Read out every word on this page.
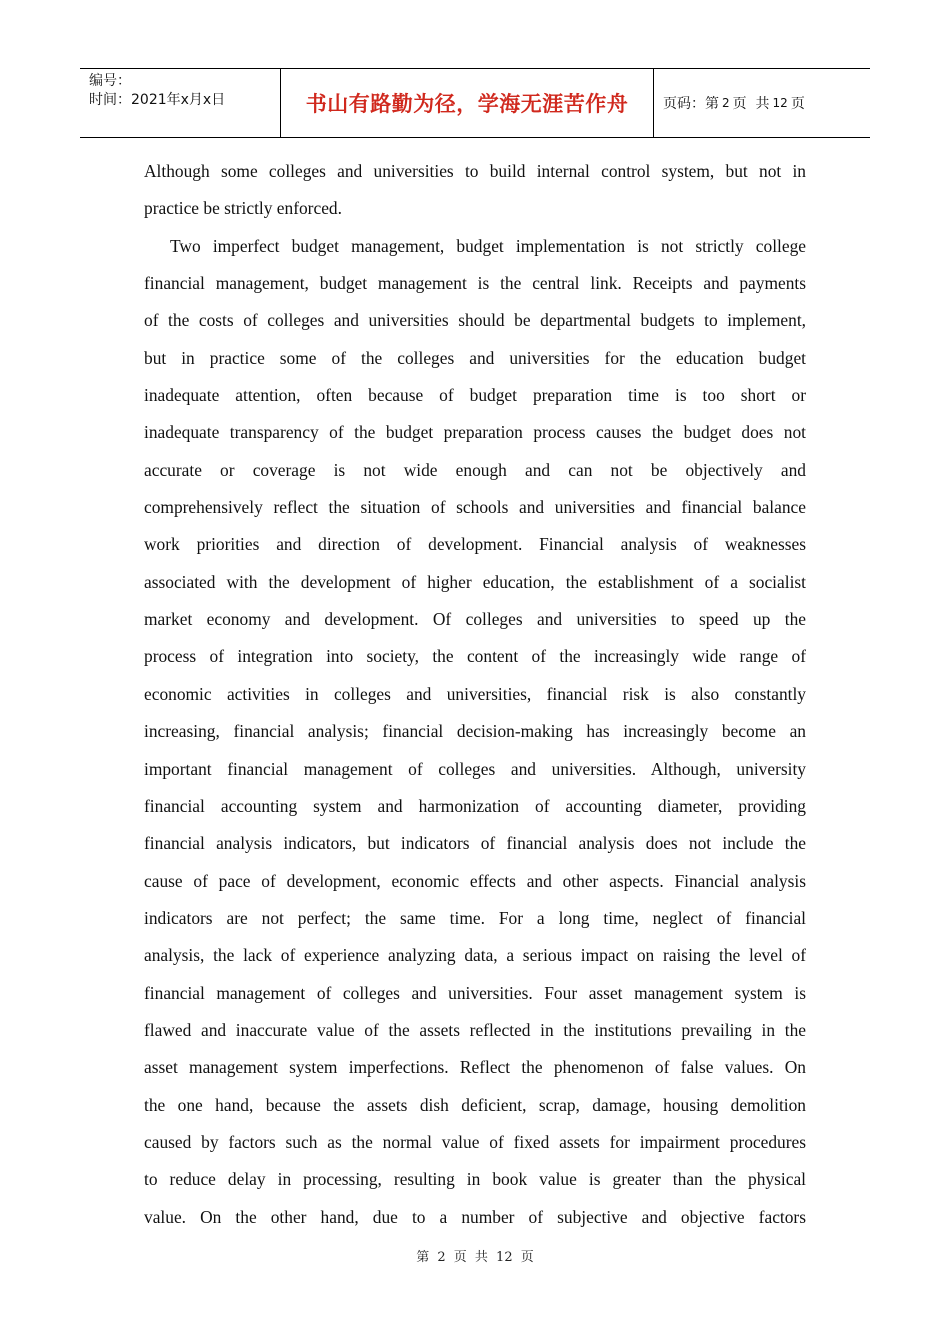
编号：
时间：2021年x月x日	书山有路勤为径，学海无涯苦作舟	页码：第 2 页  共 12 页
Although some colleges and universities to build internal control system, but not in
practice be strictly enforced.
Two imperfect budget management, budget implementation is not strictly college
financial management, budget management is the central link. Receipts and payments
of the costs of colleges and universities should be departmental budgets to implement,
but in practice some of the colleges and universities for the education budget
inadequate attention, often because of budget preparation time is too short or
inadequate transparency of the budget preparation process causes the budget does not
accurate or coverage is not wide enough and can not be objectively and
comprehensively reflect the situation of schools and universities and financial balance
work priorities and direction of development. Financial analysis of weaknesses
associated with the development of higher education, the establishment of a socialist
market economy and development. Of colleges and universities to speed up the
process of integration into society, the content of the increasingly wide range of
economic activities in colleges and universities, financial risk is also constantly
increasing, financial analysis; financial decision-making has increasingly become an
important financial management of colleges and universities. Although, university
financial accounting system and harmonization of accounting diameter, providing
financial analysis indicators, but indicators of financial analysis does not include the
cause of pace of development, economic effects and other aspects. Financial analysis
indicators are not perfect; the same time. For a long time, neglect of financial
analysis, the lack of experience analyzing data, a serious impact on raising the level of
financial management of colleges and universities. Four asset management system is
flawed and inaccurate value of the assets reflected in the institutions prevailing in the
asset management system imperfections. Reflect the phenomenon of false values. On
the one hand, because the assets dish deficient, scrap, damage, housing demolition
caused by factors such as the normal value of fixed assets for impairment procedures
to reduce delay in processing, resulting in book value is greater than the physical
value. On the other hand, due to a number of subjective and objective factors
第 2 页 共 12 页
